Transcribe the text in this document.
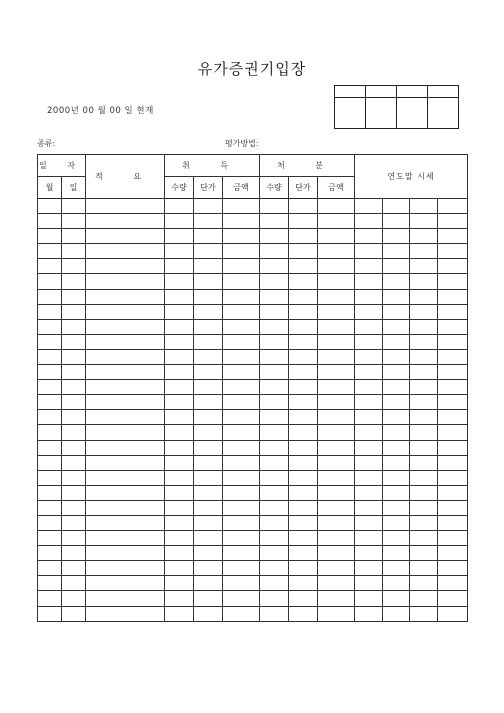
유가증권기입장
2000년 00 월 00 일 현재

종류:	평가방법:
일 자		적 요	취 득			처 분			연도말 시세			
월	일		수량	단가	금액	수량	단가	금액				
